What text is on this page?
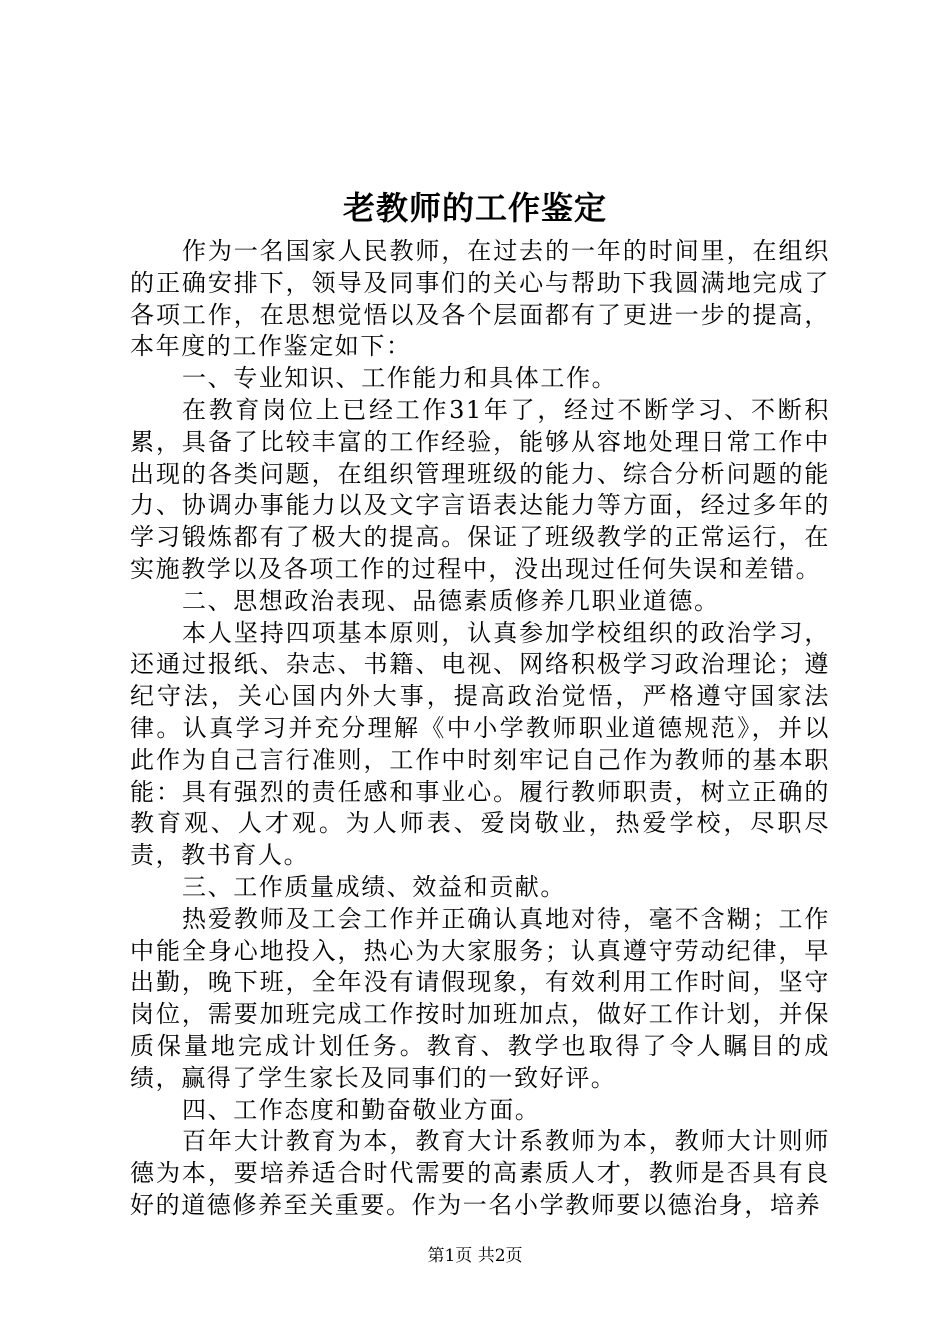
老教师的工作鉴定

作为一名国家人民教师，在过去的一年的时间里，在组织的正确安排下，领导及同事们的关心与帮助下我圆满地完成了各项工作，在思想觉悟以及各个层面都有了更进一步的提高，本年度的工作鉴定如下：

一、专业知识、工作能力和具体工作。

在教育岗位上已经工作31年了，经过不断学习、不断积累，具备了比较丰富的工作经验，能够从容地处理日常工作中出现的各类问题，在组织管理班级的能力、综合分析问题的能力、协调办事能力以及文字言语表达能力等方面，经过多年的学习锻炼都有了极大的提高。保证了班级教学的正常运行，在实施教学以及各项工作的过程中，没出现过任何失误和差错。

二、思想政治表现、品德素质修养几职业道德。

本人坚持四项基本原则，认真参加学校组织的政治学习，还通过报纸、杂志、书籍、电视、网络积极学习政治理论；遵纪守法，关心国内外大事，提高政治觉悟，严格遵守国家法律。认真学习并充分理解《中小学教师职业道德规范》，并以此作为自己言行准则，工作中时刻牢记自己作为教师的基本职能：具有强烈的责任感和事业心。履行教师职责，树立正确的教育观、人才观。为人师表、爱岗敬业，热爱学校，尽职尽责，教书育人。

三、工作质量成绩、效益和贡献。

热爱教师及工会工作并正确认真地对待，毫不含糊；工作中能全身心地投入，热心为大家服务；认真遵守劳动纪律，早出勤，晚下班，全年没有请假现象，有效利用工作时间，坚守岗位，需要加班完成工作按时加班加点，做好工作计划，并保质保量地完成计划任务。教育、教学也取得了令人瞩目的成绩，赢得了学生家长及同事们的一致好评。

四、工作态度和勤奋敬业方面。

百年大计教育为本，教育大计系教师为本，教师大计则师德为本，要培养适合时代需要的高素质人才，教师是否具有良好的道德修养至关重要。作为一名小学教师要以德治身，培养

第1页 共2页
